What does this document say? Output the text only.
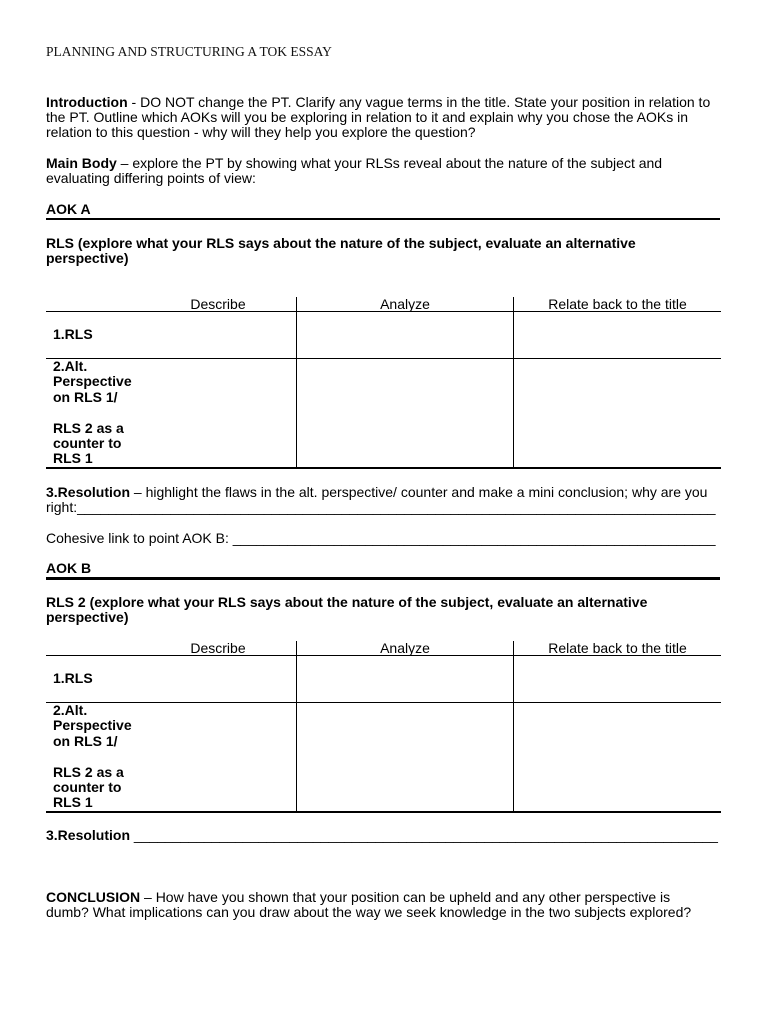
PLANNING AND STRUCTURING A TOK ESSAY
Introduction - DO NOT change the PT. Clarify any vague terms in the title. State your position in relation to
the PT. Outline which AOKs will you be exploring in relation to it and explain why you chose the AOKs in
relation to this question - why will they help you explore the question?
Main Body – explore the PT by showing what your RLSs reveal about the nature of the subject and
evaluating differing points of view:
AOK A
RLS (explore what your RLS says about the nature of the subject, evaluate an alternative
perspective)
Describe	Analyze	Relate back to the title
1.RLS
2.Alt.
Perspective
on RLS 1/
RLS 2 as a
counter to
RLS 1
3.Resolution – highlight the flaws in the alt. perspective/ counter and make a mini conclusion; why are you
right:__________________________________________________________________________________
Cohesive link to point AOK B: ______________________________________________________________
AOK B
RLS 2 (explore what your RLS says about the nature of the subject, evaluate an alternative
perspective)
Describe	Analyze	Relate back to the title
1.RLS
2.Alt.
Perspective
on RLS 1/
RLS 2 as a
counter to
RLS 1
3.Resolution ___________________________________________________________________________
CONCLUSION – How have you shown that your position can be upheld and any other perspective is
dumb? What implications can you draw about the way we seek knowledge in the two subjects explored?
